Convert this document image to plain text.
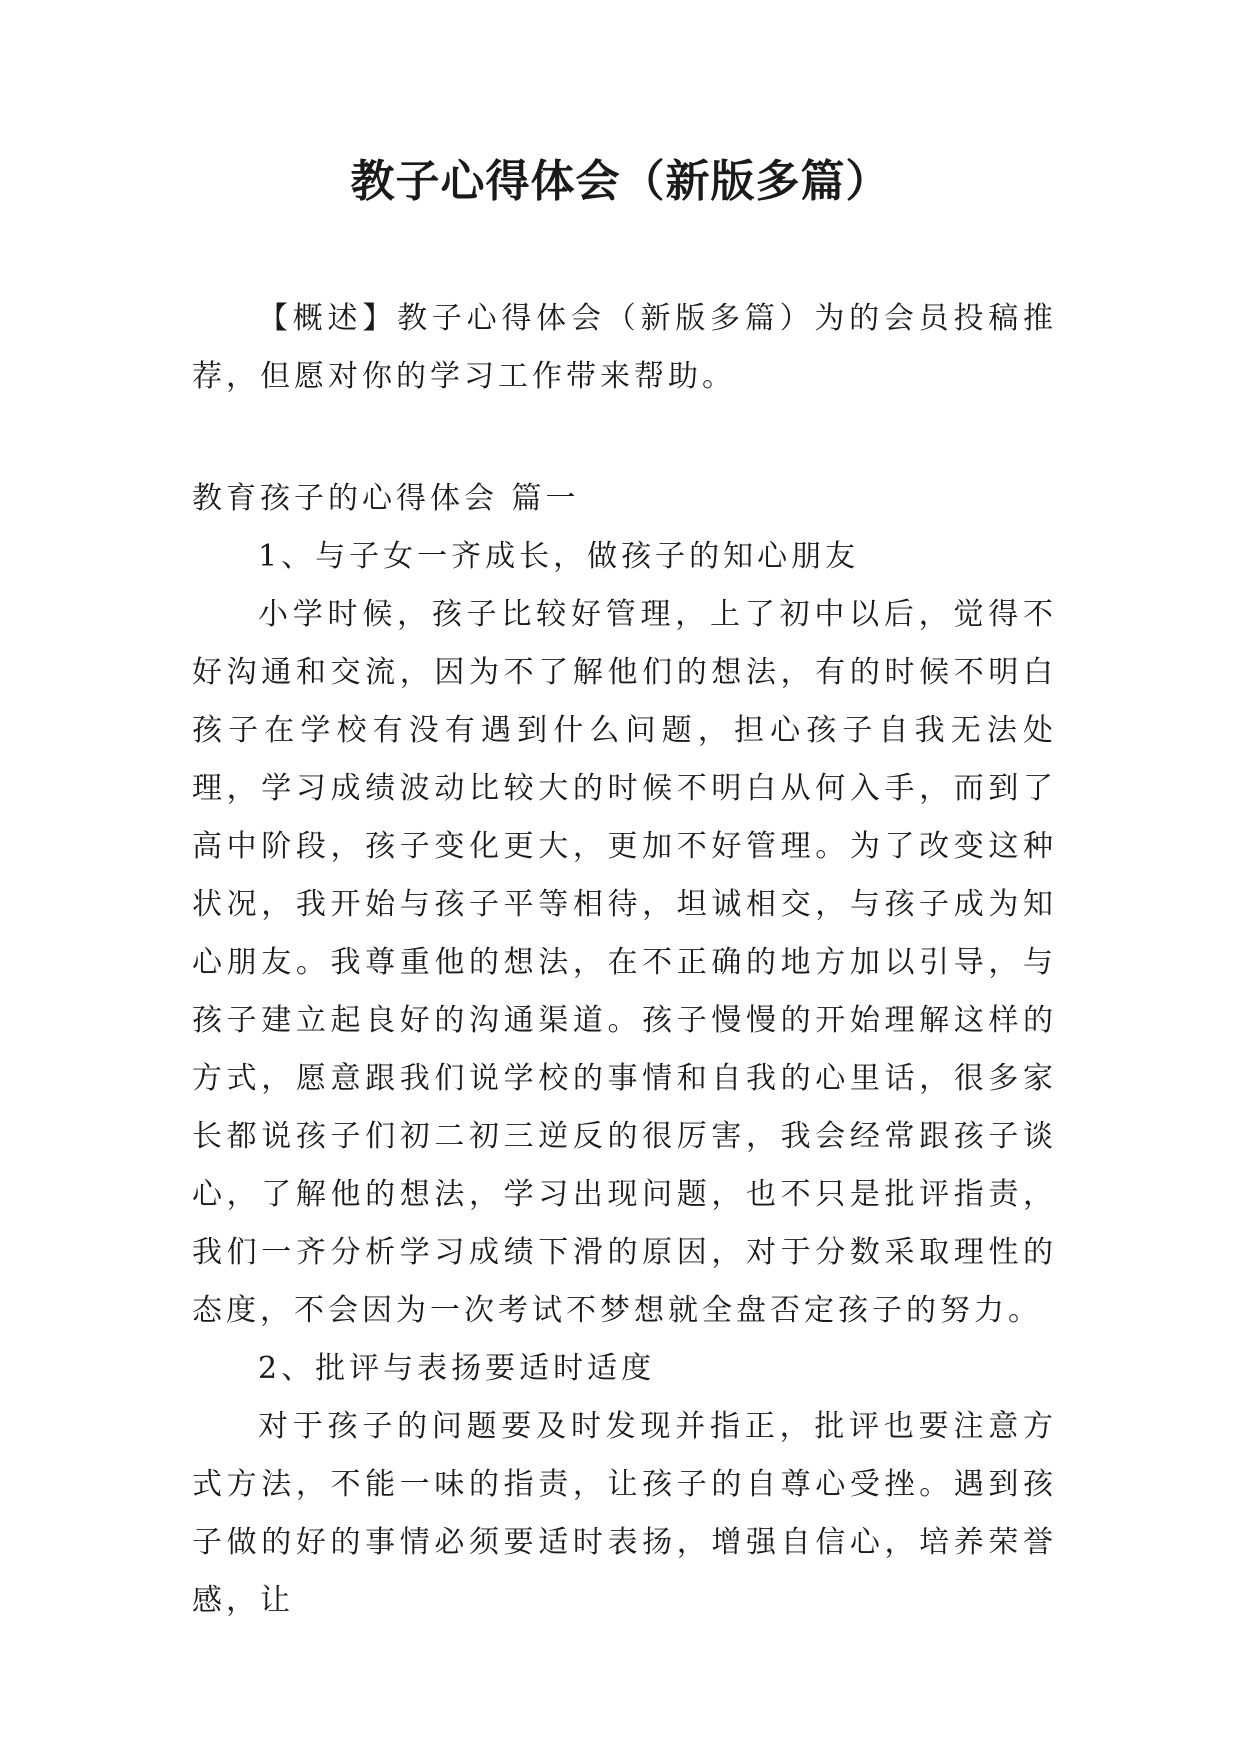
教子心得体会（新版多篇）

【概述】教子心得体会（新版多篇）为的会员投稿推荐，但愿对你的学习工作带来帮助。

教育孩子的心得体会 篇一

1、与子女一齐成长，做孩子的知心朋友

小学时候，孩子比较好管理，上了初中以后，觉得不好沟通和交流，因为不了解他们的想法，有的时候不明白孩子在学校有没有遇到什么问题，担心孩子自我无法处理，学习成绩波动比较大的时候不明白从何入手，而到了高中阶段，孩子变化更大，更加不好管理。为了改变这种状况，我开始与孩子平等相待，坦诚相交，与孩子成为知心朋友。我尊重他的想法，在不正确的地方加以引导，与孩子建立起良好的沟通渠道。孩子慢慢的开始理解这样的方式，愿意跟我们说学校的事情和自我的心里话，很多家长都说孩子们初二初三逆反的很厉害，我会经常跟孩子谈心，了解他的想法，学习出现问题，也不只是批评指责，我们一齐分析学习成绩下滑的原因，对于分数采取理性的态度，不会因为一次考试不梦想就全盘否定孩子的努力。

2、批评与表扬要适时适度

对于孩子的问题要及时发现并指正，批评也要注意方式方法，不能一味的指责，让孩子的自尊心受挫。遇到孩子做的好的事情必须要适时表扬，增强自信心，培养荣誉感，让
